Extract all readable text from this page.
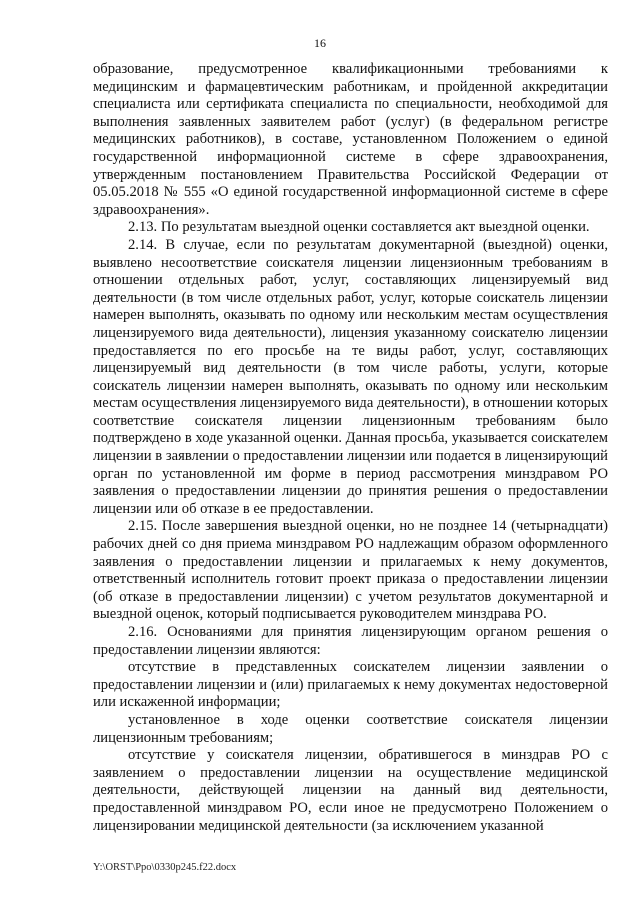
16

образование, предусмотренное квалификационными требованиями к медицинским и фармацевтическим работникам, и пройденной аккредитации специалиста или сертификата специалиста по специальности, необходимой для выполнения заявленных заявителем работ (услуг) (в федеральном регистре медицинских работников), в составе, установленном Положением о единой государственной информационной системе в сфере здравоохранения, утвержденным постановлением Правительства Российской Федерации от 05.05.2018 № 555 «О единой государственной информационной системе в сфере здравоохранения».

2.13. По результатам выездной оценки составляется акт выездной оценки.

2.14. В случае, если по результатам документарной (выездной) оценки, выявлено несоответствие соискателя лицензии лицензионным требованиям в отношении отдельных работ, услуг, составляющих лицензируемый вид деятельности (в том числе отдельных работ, услуг, которые соискатель лицензии намерен выполнять, оказывать по одному или нескольким местам осуществления лицензируемого вида деятельности), лицензия указанному соискателю лицензии предоставляется по его просьбе на те виды работ, услуг, составляющих лицензируемый вид деятельности (в том числе работы, услуги, которые соискатель лицензии намерен выполнять, оказывать по одному или нескольким местам осуществления лицензируемого вида деятельности), в отношении которых соответствие соискателя лицензии лицензионным требованиям было подтверждено в ходе указанной оценки. Данная просьба, указывается соискателем лицензии в заявлении о предоставлении лицензии или подается в лицензирующий орган по установленной им форме в период рассмотрения минздравом РО заявления о предоставлении лицензии до принятия решения о предоставлении лицензии или об отказе в ее предоставлении.

2.15. После завершения выездной оценки, но не позднее 14 (четырнадцати) рабочих дней со дня приема минздравом РО надлежащим образом оформленного заявления о предоставлении лицензии и прилагаемых к нему документов, ответственный исполнитель готовит проект приказа о предоставлении лицензии (об отказе в предоставлении лицензии) с учетом результатов документарной и выездной оценок, который подписывается руководителем минздрава РО.

2.16. Основаниями для принятия лицензирующим органом решения о предоставлении лицензии являются:

отсутствие в представленных соискателем лицензии заявлении о предоставлении лицензии и (или) прилагаемых к нему документах недостоверной или искаженной информации;

установленное в ходе оценки соответствие соискателя лицензии лицензионным требованиям;

отсутствие у соискателя лицензии, обратившегося в минздрав РО с заявлением о предоставлении лицензии на осуществление медицинской деятельности, действующей лицензии на данный вид деятельности, предоставленной минздравом РО, если иное не предусмотрено Положением о лицензировании медицинской деятельности (за исключением указанной

Y:\ORST\Ppo\0330p245.f22.docx
